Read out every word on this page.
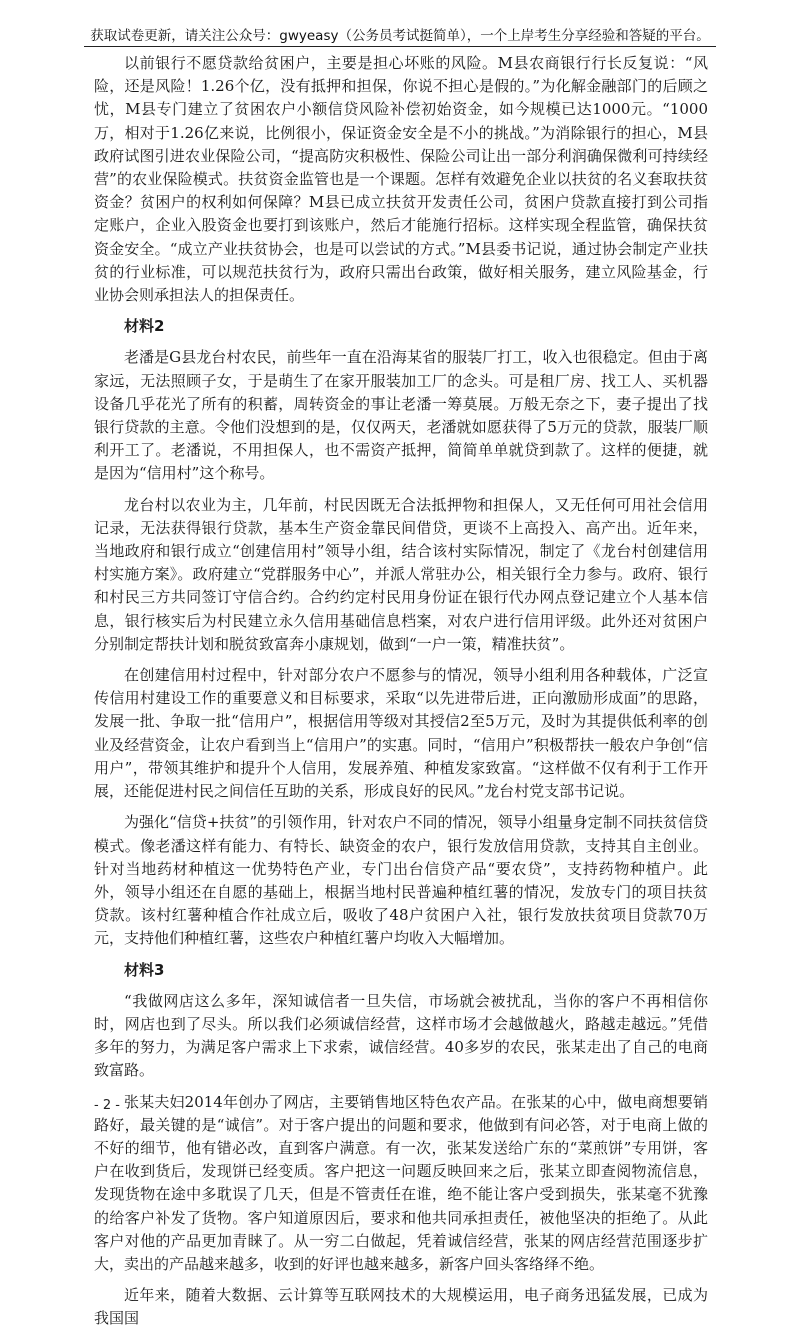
获取试卷更新，请关注公众号：gwyeasy（公务员考试挺简单），一个上岸考生分享经验和答疑的平台。

以前银行不愿贷款给贫困户，主要是担心坏账的风险。M县农商银行行长反复说：“风险，还是风险！1.26个亿，没有抵押和担保，你说不担心是假的。”为化解金融部门的后顾之忧，M县专门建立了贫困农户小额信贷风险补偿初始资金，如今规模已达1000元。“1000万，相对于1.26亿来说，比例很小，保证资金安全是不小的挑战。”为消除银行的担心，M县政府试图引进农业保险公司，“提高防灾积极性、保险公司让出一部分利润确保微利可持续经营”的农业保险模式。扶贫资金监管也是一个课题。怎样有效避免企业以扶贫的名义套取扶贫资金？贫困户的权利如何保障？M县已成立扶贫开发责任公司，贫困户贷款直接打到公司指定账户，企业入股资金也要打到该账户，然后才能施行招标。这样实现全程监管，确保扶贫资金安全。“成立产业扶贫协会，也是可以尝试的方式。”M县委书记说，通过协会制定产业扶贫的行业标准，可以规范扶贫行为，政府只需出台政策，做好相关服务，建立风险基金，行业协会则承担法人的担保责任。

材料2

老潘是G县龙台村农民，前些年一直在沿海某省的服装厂打工，收入也很稳定。但由于离家远，无法照顾子女，于是萌生了在家开服装加工厂的念头。可是租厂房、找工人、买机器设备几乎花光了所有的积蓄，周转资金的事让老潘一筹莫展。万般无奈之下，妻子提出了找银行贷款的主意。令他们没想到的是，仅仅两天，老潘就如愿获得了5万元的贷款，服装厂顺利开工了。老潘说，不用担保人，也不需资产抵押，简简单单就贷到款了。这样的便捷，就是因为“信用村”这个称号。

龙台村以农业为主，几年前，村民因既无合法抵押物和担保人，又无任何可用社会信用记录，无法获得银行贷款，基本生产资金靠民间借贷，更谈不上高投入、高产出。近年来，当地政府和银行成立“创建信用村”领导小组，结合该村实际情况，制定了《龙台村创建信用村实施方案》。政府建立“党群服务中心”，并派人常驻办公，相关银行全力参与。政府、银行和村民三方共同签订守信合约。合约约定村民用身份证在银行代办网点登记建立个人基本信息，银行核实后为村民建立永久信用基础信息档案，对农户进行信用评级。此外还对贫困户分别制定帮扶计划和脱贫致富奔小康规划，做到“一户一策，精准扶贫”。

在创建信用村过程中，针对部分农户不愿参与的情况，领导小组利用各种载体，广泛宣传信用村建设工作的重要意义和目标要求，采取“以先进带后进，正向激励形成面”的思路，发展一批、争取一批“信用户”，根据信用等级对其授信2至5万元，及时为其提供低利率的创业及经营资金，让农户看到当上“信用户”的实惠。同时，“信用户”积极帮扶一般农户争创“信用户”，带领其维护和提升个人信用，发展养殖、种植发家致富。“这样做不仅有利于工作开展，还能促进村民之间信任互助的关系，形成良好的民风。”龙台村党支部书记说。

为强化“信贷+扶贫”的引领作用，针对农户不同的情况，领导小组量身定制不同扶贫信贷模式。像老潘这样有能力、有特长、缺资金的农户，银行发放信用贷款，支持其自主创业。针对当地药材种植这一优势特色产业，专门出台信贷产品“要农贷”，支持药物种植户。此外，领导小组还在自愿的基础上，根据当地村民普遍种植红薯的情况，发放专门的项目扶贫贷款。该村红薯种植合作社成立后，吸收了48户贫困户入社，银行发放扶贫项目贷款70万元，支持他们种植红薯，这些农户种植红薯户均收入大幅增加。

材料3

“我做网店这么多年，深知诚信者一旦失信，市场就会被扰乱，当你的客户不再相信你时，网店也到了尽头。所以我们必须诚信经营，这样市场才会越做越火，路越走越远。”凭借多年的努力，为满足客户需求上下求索，诚信经营。40多岁的农民，张某走出了自己的电商致富路。

张某夫妇2014年创办了网店，主要销售地区特色农产品。在张某的心中，做电商想要销路好，最关键的是“诚信”。对于客户提出的问题和要求，他做到有问必答，对于电商上做的不好的细节，他有错必改，直到客户满意。有一次，张某发送给广东的“菜煎饼”专用饼，客户在收到货后，发现饼已经变质。客户把这一问题反映回来之后，张某立即查阅物流信息，发现货物在途中多耽误了几天，但是不管责任在谁，绝不能让客户受到损失，张某毫不犹豫的给客户补发了货物。客户知道原因后，要求和他共同承担责任，被他坚决的拒绝了。从此客户对他的产品更加青睐了。从一穷二白做起，凭着诚信经营，张某的网店经营范围逐步扩大，卖出的产品越来越多，收到的好评也越来越多，新客户回头客络绎不绝。

近年来，随着大数据、云计算等互联网技术的大规模运用，电子商务迅猛发展，已成为我国国

- 2 -
